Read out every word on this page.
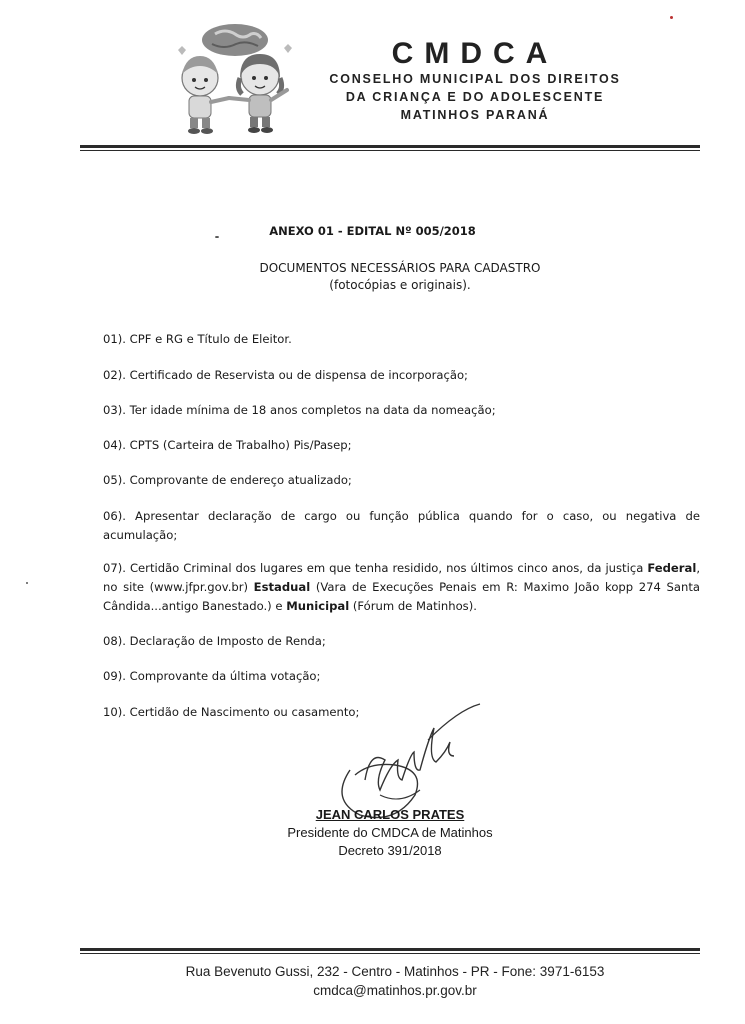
CMDCA
CONSELHO MUNICIPAL DOS DIREITOS
DA CRIANÇA E DO ADOLESCENTE
MATINHOS PARANÁ
ANEXO 01 - EDITAL Nº 005/2018
DOCUMENTOS NECESSÁRIOS PARA CADASTRO
(fotocópias e originais).
01). CPF e RG e Título de Eleitor.
02). Certificado de Reservista ou de dispensa de incorporação;
03). Ter idade mínima de 18 anos completos na data da nomeação;
04). CPTS (Carteira de Trabalho) Pis/Pasep;
05). Comprovante de endereço atualizado;
06). Apresentar declaração de cargo ou função pública quando for o caso, ou negativa de acumulação;
07). Certidão Criminal dos lugares em que tenha residido, nos últimos cinco anos, da justiça Federal, no site (www.jfpr.gov.br) Estadual (Vara de Execuções Penais em R: Maximo João kopp 274 Santa Cândida...antigo Banestado.) e Municipal (Fórum de Matinhos).
08). Declaração de Imposto de Renda;
09). Comprovante da última votação;
10). Certidão de Nascimento ou casamento;
JEAN CARLOS PRATES
Presidente do CMDCA de Matinhos
Decreto 391/2018
Rua Bevenuto Gussi, 232 - Centro - Matinhos - PR - Fone: 3971-6153
cmdca@matinhos.pr.gov.br
